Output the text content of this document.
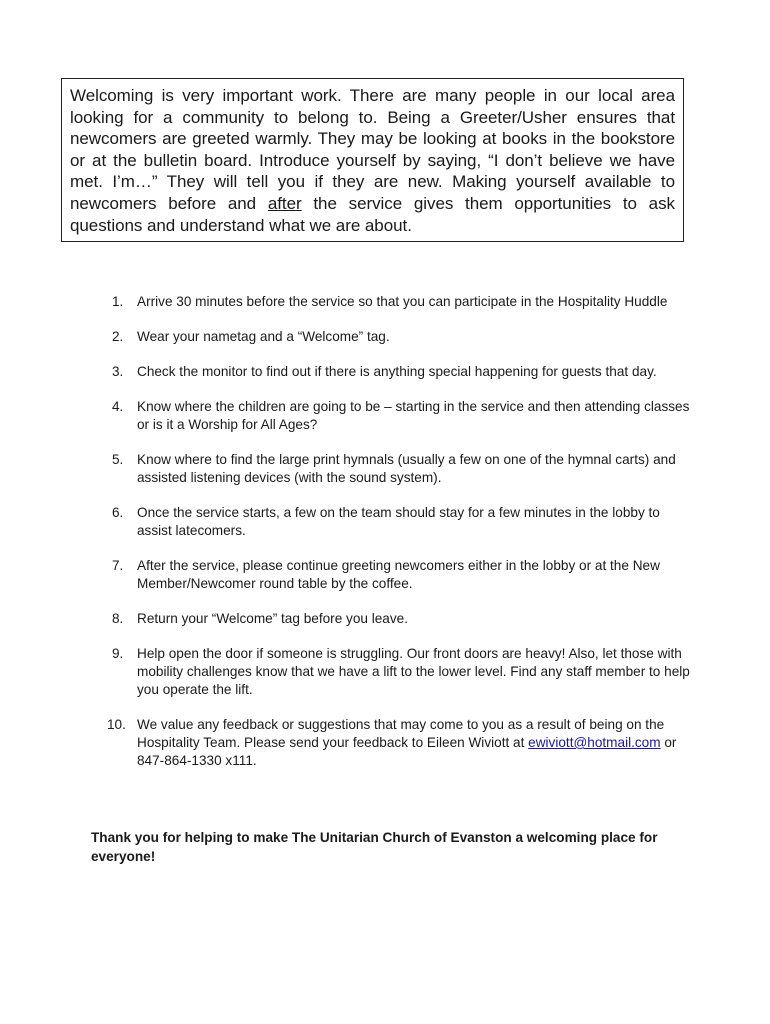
Welcoming is very important work. There are many people in our local area looking for a community to belong to. Being a Greeter/Usher ensures that newcomers are greeted warmly. They may be looking at books in the bookstore or at the bulletin board. Introduce yourself by saying, “I don’t believe we have met. I’m…” They will tell you if they are new. Making yourself available to newcomers before and after the service gives them opportunities to ask questions and understand what we are about.
1. Arrive 30 minutes before the service so that you can participate in the Hospitality Huddle
2. Wear your nametag and a “Welcome” tag.
3. Check the monitor to find out if there is anything special happening for guests that day.
4. Know where the children are going to be – starting in the service and then attending classes or is it a Worship for All Ages?
5. Know where to find the large print hymnals (usually a few on one of the hymnal carts) and assisted listening devices (with the sound system).
6. Once the service starts, a few on the team should stay for a few minutes in the lobby to assist latecomers.
7. After the service, please continue greeting newcomers either in the lobby or at the New Member/Newcomer round table by the coffee.
8. Return your “Welcome” tag before you leave.
9. Help open the door if someone is struggling. Our front doors are heavy! Also, let those with mobility challenges know that we have a lift to the lower level. Find any staff member to help you operate the lift.
10. We value any feedback or suggestions that may come to you as a result of being on the Hospitality Team. Please send your feedback to Eileen Wiviott at ewiviott@hotmail.com or 847-864-1330 x111.
Thank you for helping to make The Unitarian Church of Evanston a welcoming place for everyone!
